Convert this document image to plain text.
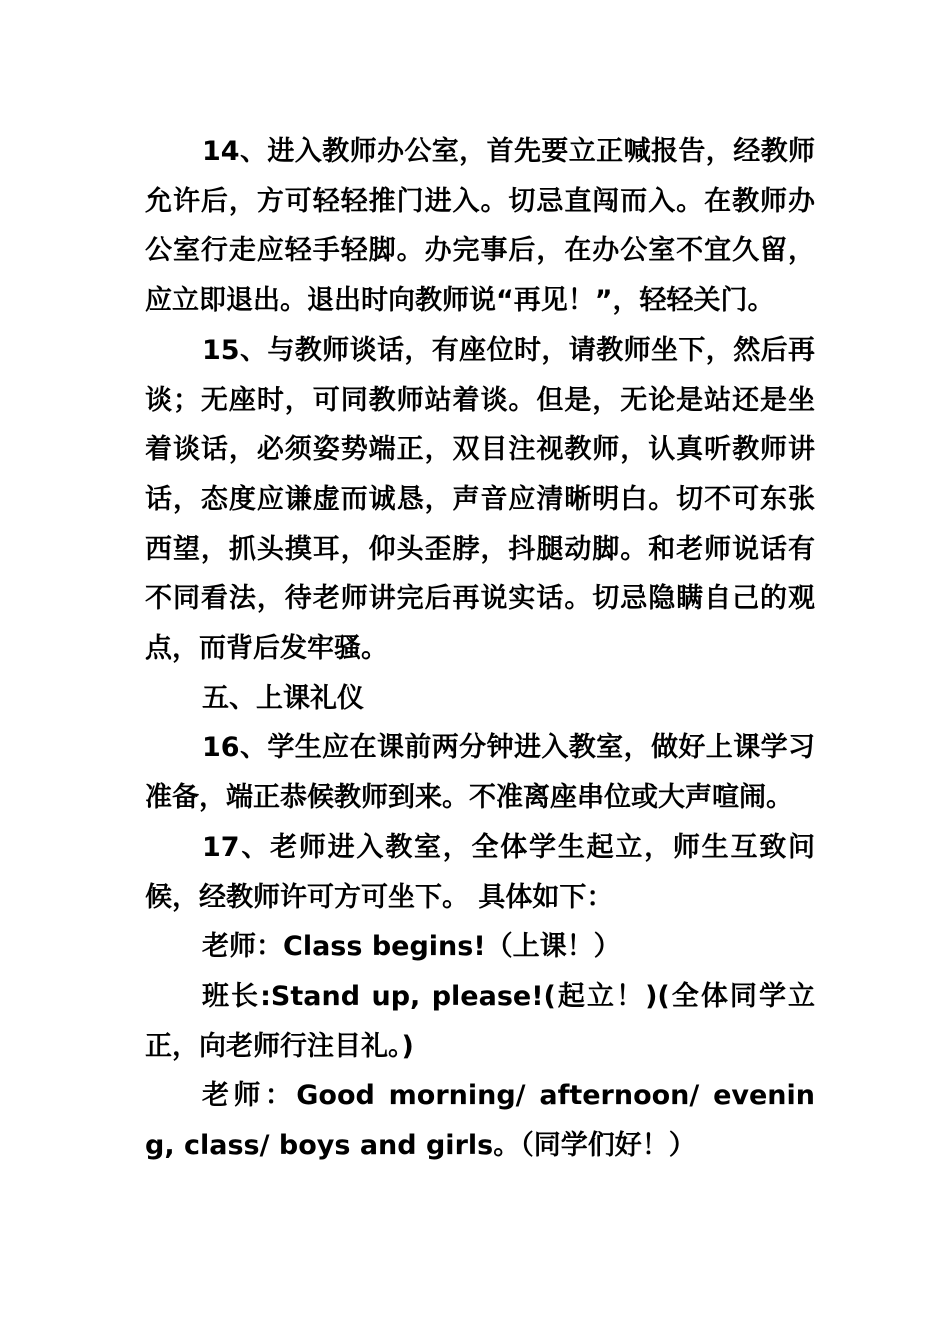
14、进入教师办公室，首先要立正喊报告，经教师允许后，方可轻轻推门进入。切忌直闯而入。在教师办公室行走应轻手轻脚。办完事后，在办公室不宜久留，应立即退出。退出时向教师说“再见！”，轻轻关门。

15、与教师谈话，有座位时，请教师坐下，然后再谈；无座时，可同教师站着谈。但是，无论是站还是坐着谈话，必须姿势端正，双目注视教师，认真听教师讲话，态度应谦虚而诚恳，声音应清晰明白。切不可东张西望，抓头摸耳，仰头歪脖，抖腿动脚。和老师说话有不同看法，待老师讲完后再说实话。切忌隐瞒自己的观点，而背后发牢骚。

五、上课礼仪

16、学生应在课前两分钟进入教室，做好上课学习准备，端正恭候教师到来。不准离座串位或大声喧闹。

17、老师进入教室，全体学生起立，师生互致问候，经教师许可方可坐下。 具体如下：

老师：Class begins!（上课！）

班长:Stand up, please!(起立！)(全体同学立正，向老师行注目礼。)

老师：Good morning/ afternoon/ evening, class/ boys and girls。（同学们好！）
